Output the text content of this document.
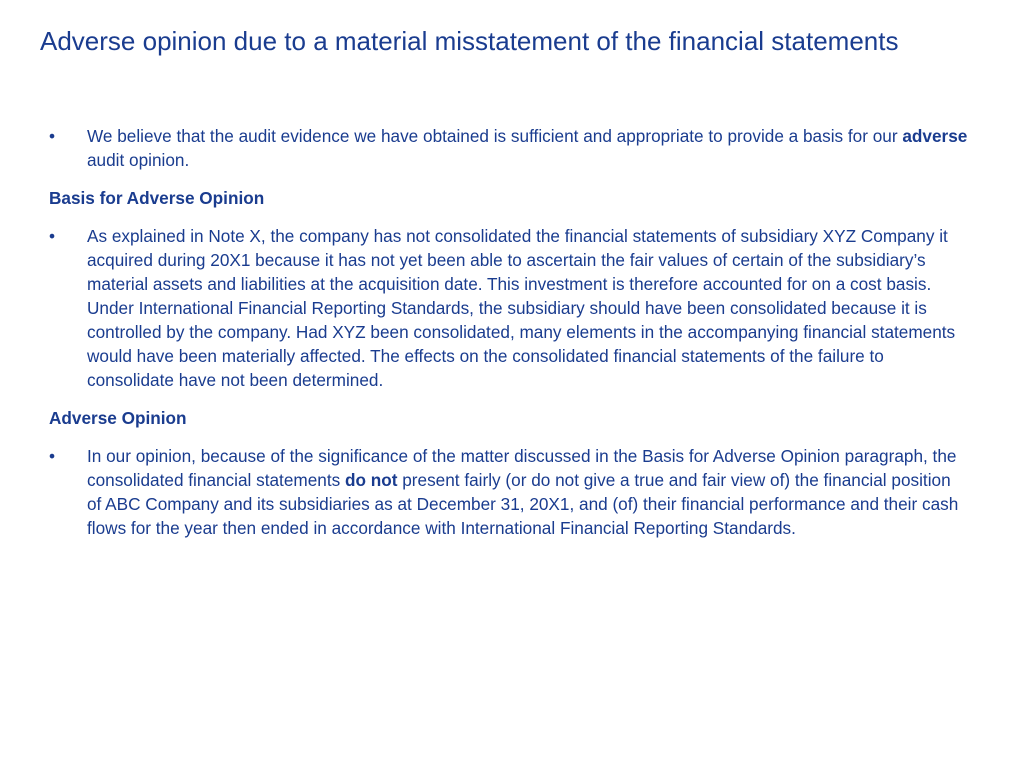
Adverse opinion due to a material misstatement of the financial statements

•	We believe that the audit evidence we have obtained is sufficient and appropriate to provide a basis for our adverse audit opinion.

Basis for Adverse Opinion

•	As explained in Note X, the company has not consolidated the financial statements of subsidiary XYZ Company it acquired during 20X1 because it has not yet been able to ascertain the fair values of certain of the subsidiary’s material assets and liabilities at the acquisition date. This investment is therefore accounted for on a cost basis. Under International Financial Reporting Standards, the subsidiary should have been consolidated because it is controlled by the company. Had XYZ been consolidated, many elements in the accompanying financial statements would have been materially affected. The effects on the consolidated financial statements of the failure to consolidate have not been determined.

Adverse Opinion

•	In our opinion, because of the significance of the matter discussed in the Basis for Adverse Opinion paragraph, the consolidated financial statements do not present fairly (or do not give a true and fair view of) the financial position of ABC Company and its subsidiaries as at December 31, 20X1, and (of) their financial performance and their cash flows for the year then ended in accordance with International Financial Reporting Standards.
